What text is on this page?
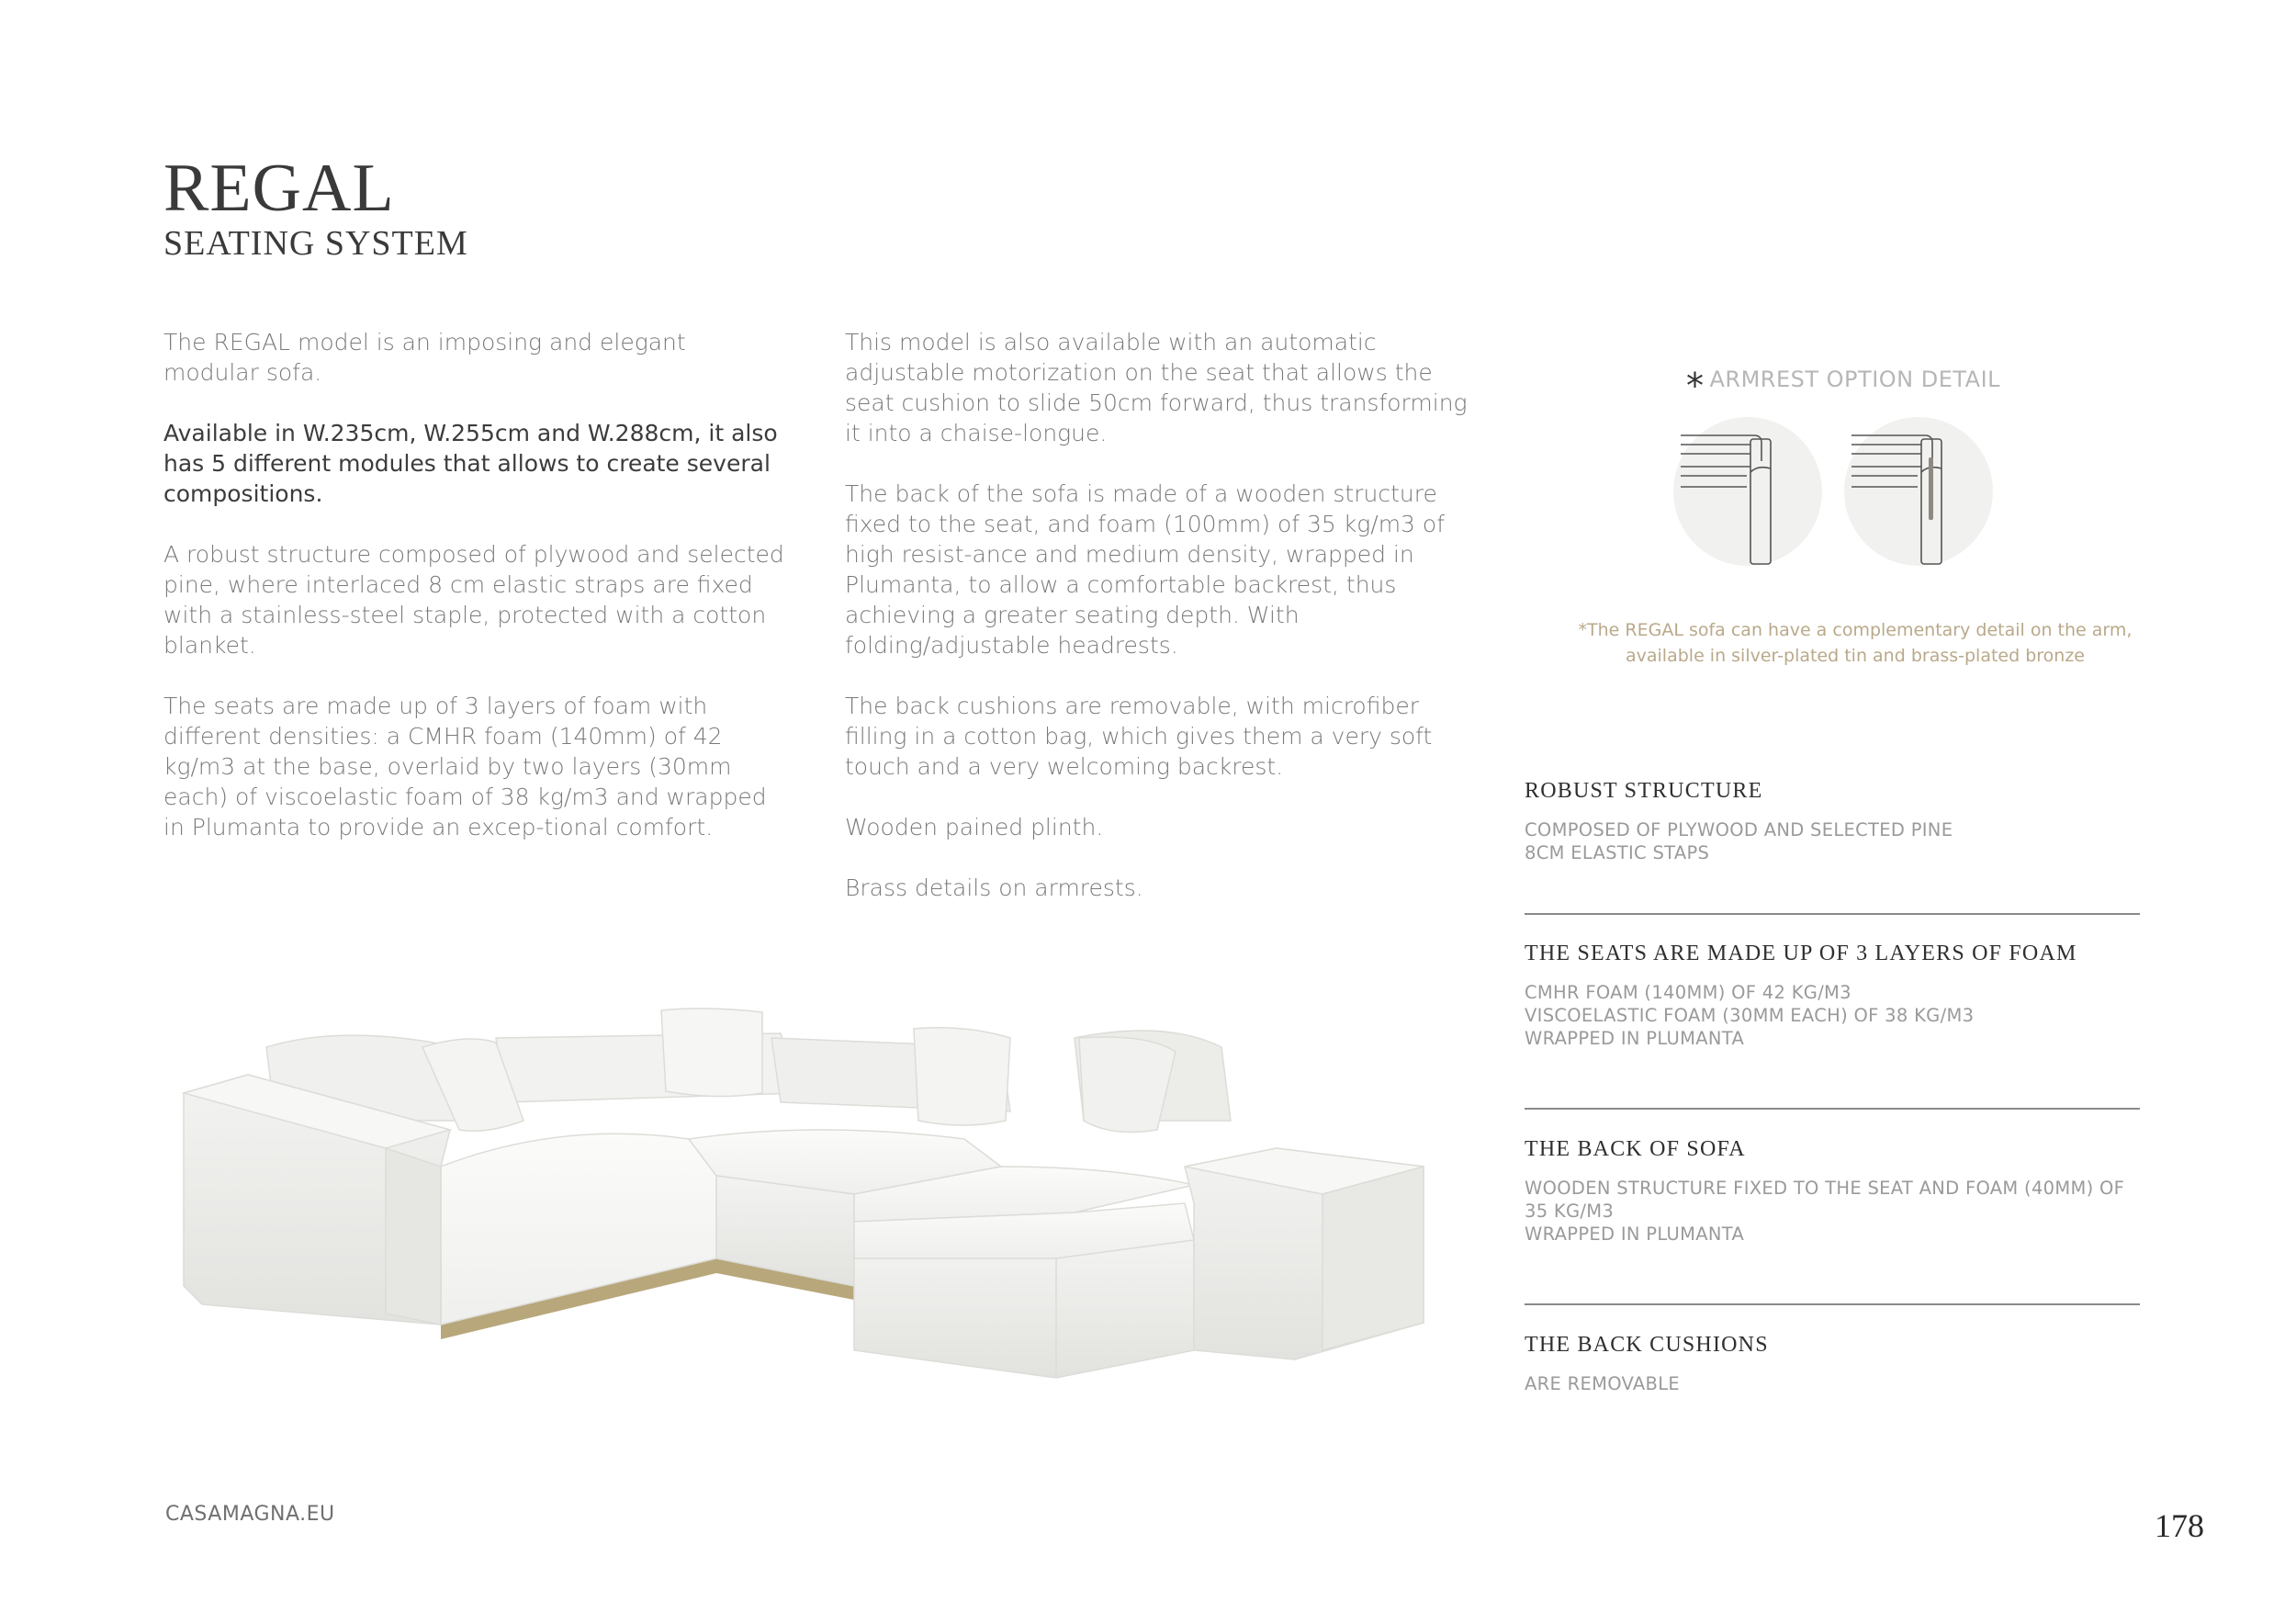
REGAL
SEATING SYSTEM

The REGAL model is an imposing and elegant modular sofa.

Available in W.235cm, W.255cm and W.288cm, it also has 5 different modules that allows to create several compositions.

A robust structure composed of plywood and selected pine, where interlaced 8 cm elastic straps are fixed with a stainless-steel staple, protected with a cotton blanket.

The seats are made up of 3 layers of foam with different densities: a CMHR foam (140mm) of 42 kg/m3 at the base, overlaid by two layers (30mm each) of viscoelastic foam of 38 kg/m3 and wrapped in Plumanta to provide an excep-tional comfort.

This model is also available with an automatic adjustable motorization on the seat that allows the seat cushion to slide 50cm forward, thus transforming it into a chaise-longue.

The back of the sofa is made of a wooden structure fixed to the seat, and foam (100mm) of 35 kg/m3 of high resist-ance and medium density, wrapped in Plumanta, to allow a comfortable backrest, thus achieving a greater seating depth. With folding/adjustable headrests.

The back cushions are removable, with microfiber filling in a cotton bag, which gives them a very soft touch and a very welcoming backrest.

Wooden pained plinth.

Brass details on armrests.

* ARMREST OPTION DETAIL
*The REGAL sofa can have a complementary detail on the arm,
available in silver-plated tin and brass-plated bronze
ROBUST STRUCTURE
COMPOSED OF PLYWOOD AND SELECTED PINE
8CM ELASTIC STAPS
THE SEATS ARE MADE UP OF 3 LAYERS OF FOAM
CMHR FOAM (140MM) OF 42 KG/M3
VISCOELASTIC FOAM (30MM EACH) OF 38 KG/M3
WRAPPED IN PLUMANTA
THE BACK OF SOFA
WOODEN STRUCTURE FIXED TO THE SEAT AND FOAM (40MM) OF
35 KG/M3
WRAPPED IN PLUMANTA
THE BACK CUSHIONS
ARE REMOVABLE
CASAMAGNA.EU	178
